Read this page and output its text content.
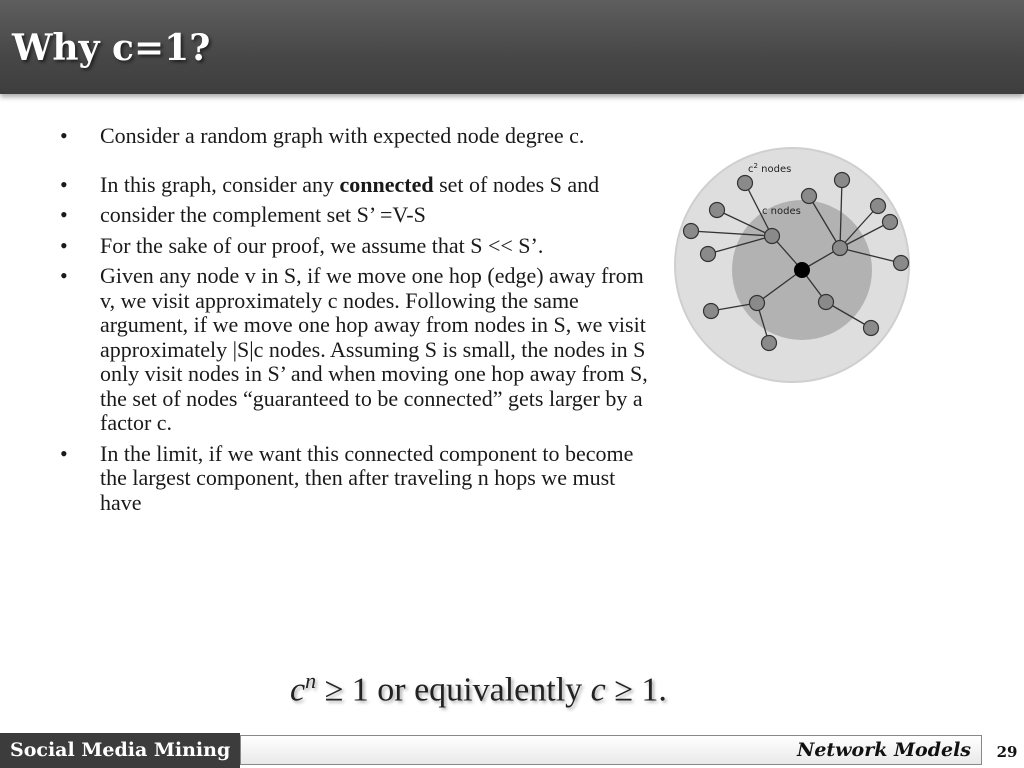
Why c=1?
• Consider a random graph with expected node degree c.
• In this graph, consider any connected set of nodes S and
• consider the complement set S’ =V-S
• For the sake of our proof, we assume that S << S’.
• Given any node v in S, if we move one hop (edge) away from v, we visit approximately c nodes. Following the same argument, if we move one hop away from nodes in S, we visit approximately |S|c nodes. Assuming S is small, the nodes in S only visit nodes in S’ and when moving one hop away from S, the set of nodes “guaranteed to be connected” gets larger by a factor c.
• In the limit, if we want this connected component to become the largest component, then after traveling n hops we must have
$c^2$ nodes
c nodes
$c^n \ge 1$ or equivalently c ≥ 1.
Social Media Mining	Network Models	29
